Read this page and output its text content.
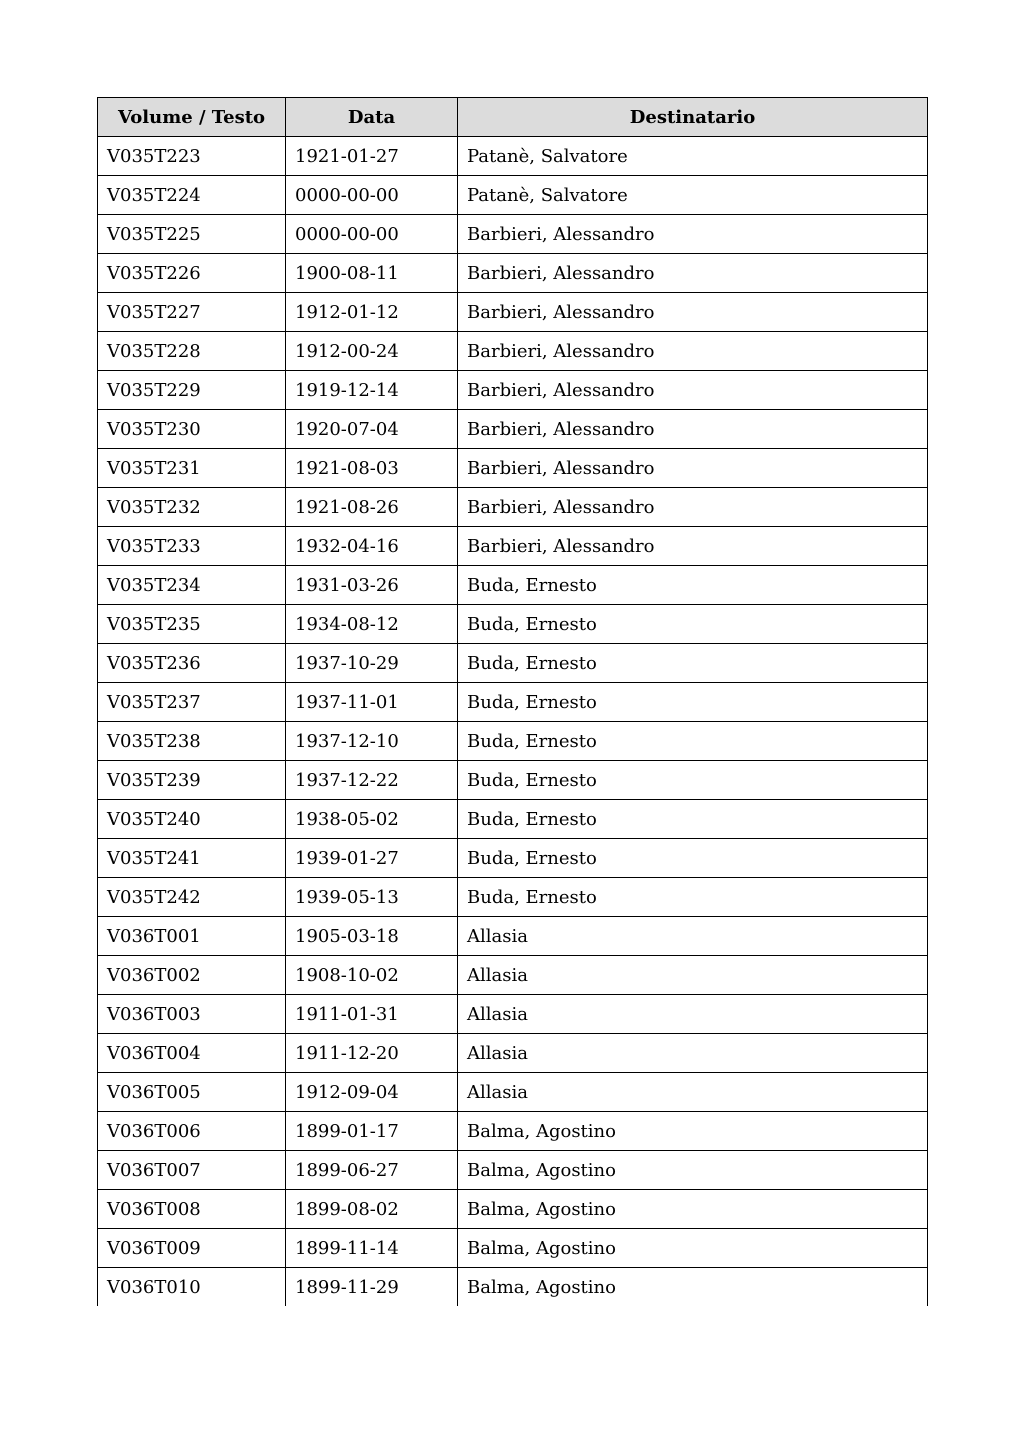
Volume / Testo	Data	Destinatario
V035T223	1921-01-27	Patanè, Salvatore
V035T224	0000-00-00	Patanè, Salvatore
V035T225	0000-00-00	Barbieri, Alessandro
V035T226	1900-08-11	Barbieri, Alessandro
V035T227	1912-01-12	Barbieri, Alessandro
V035T228	1912-00-24	Barbieri, Alessandro
V035T229	1919-12-14	Barbieri, Alessandro
V035T230	1920-07-04	Barbieri, Alessandro
V035T231	1921-08-03	Barbieri, Alessandro
V035T232	1921-08-26	Barbieri, Alessandro
V035T233	1932-04-16	Barbieri, Alessandro
V035T234	1931-03-26	Buda, Ernesto
V035T235	1934-08-12	Buda, Ernesto
V035T236	1937-10-29	Buda, Ernesto
V035T237	1937-11-01	Buda, Ernesto
V035T238	1937-12-10	Buda, Ernesto
V035T239	1937-12-22	Buda, Ernesto
V035T240	1938-05-02	Buda, Ernesto
V035T241	1939-01-27	Buda, Ernesto
V035T242	1939-05-13	Buda, Ernesto
V036T001	1905-03-18	Allasia
V036T002	1908-10-02	Allasia
V036T003	1911-01-31	Allasia
V036T004	1911-12-20	Allasia
V036T005	1912-09-04	Allasia
V036T006	1899-01-17	Balma, Agostino
V036T007	1899-06-27	Balma, Agostino
V036T008	1899-08-02	Balma, Agostino
V036T009	1899-11-14	Balma, Agostino
V036T010	1899-11-29	Balma, Agostino
